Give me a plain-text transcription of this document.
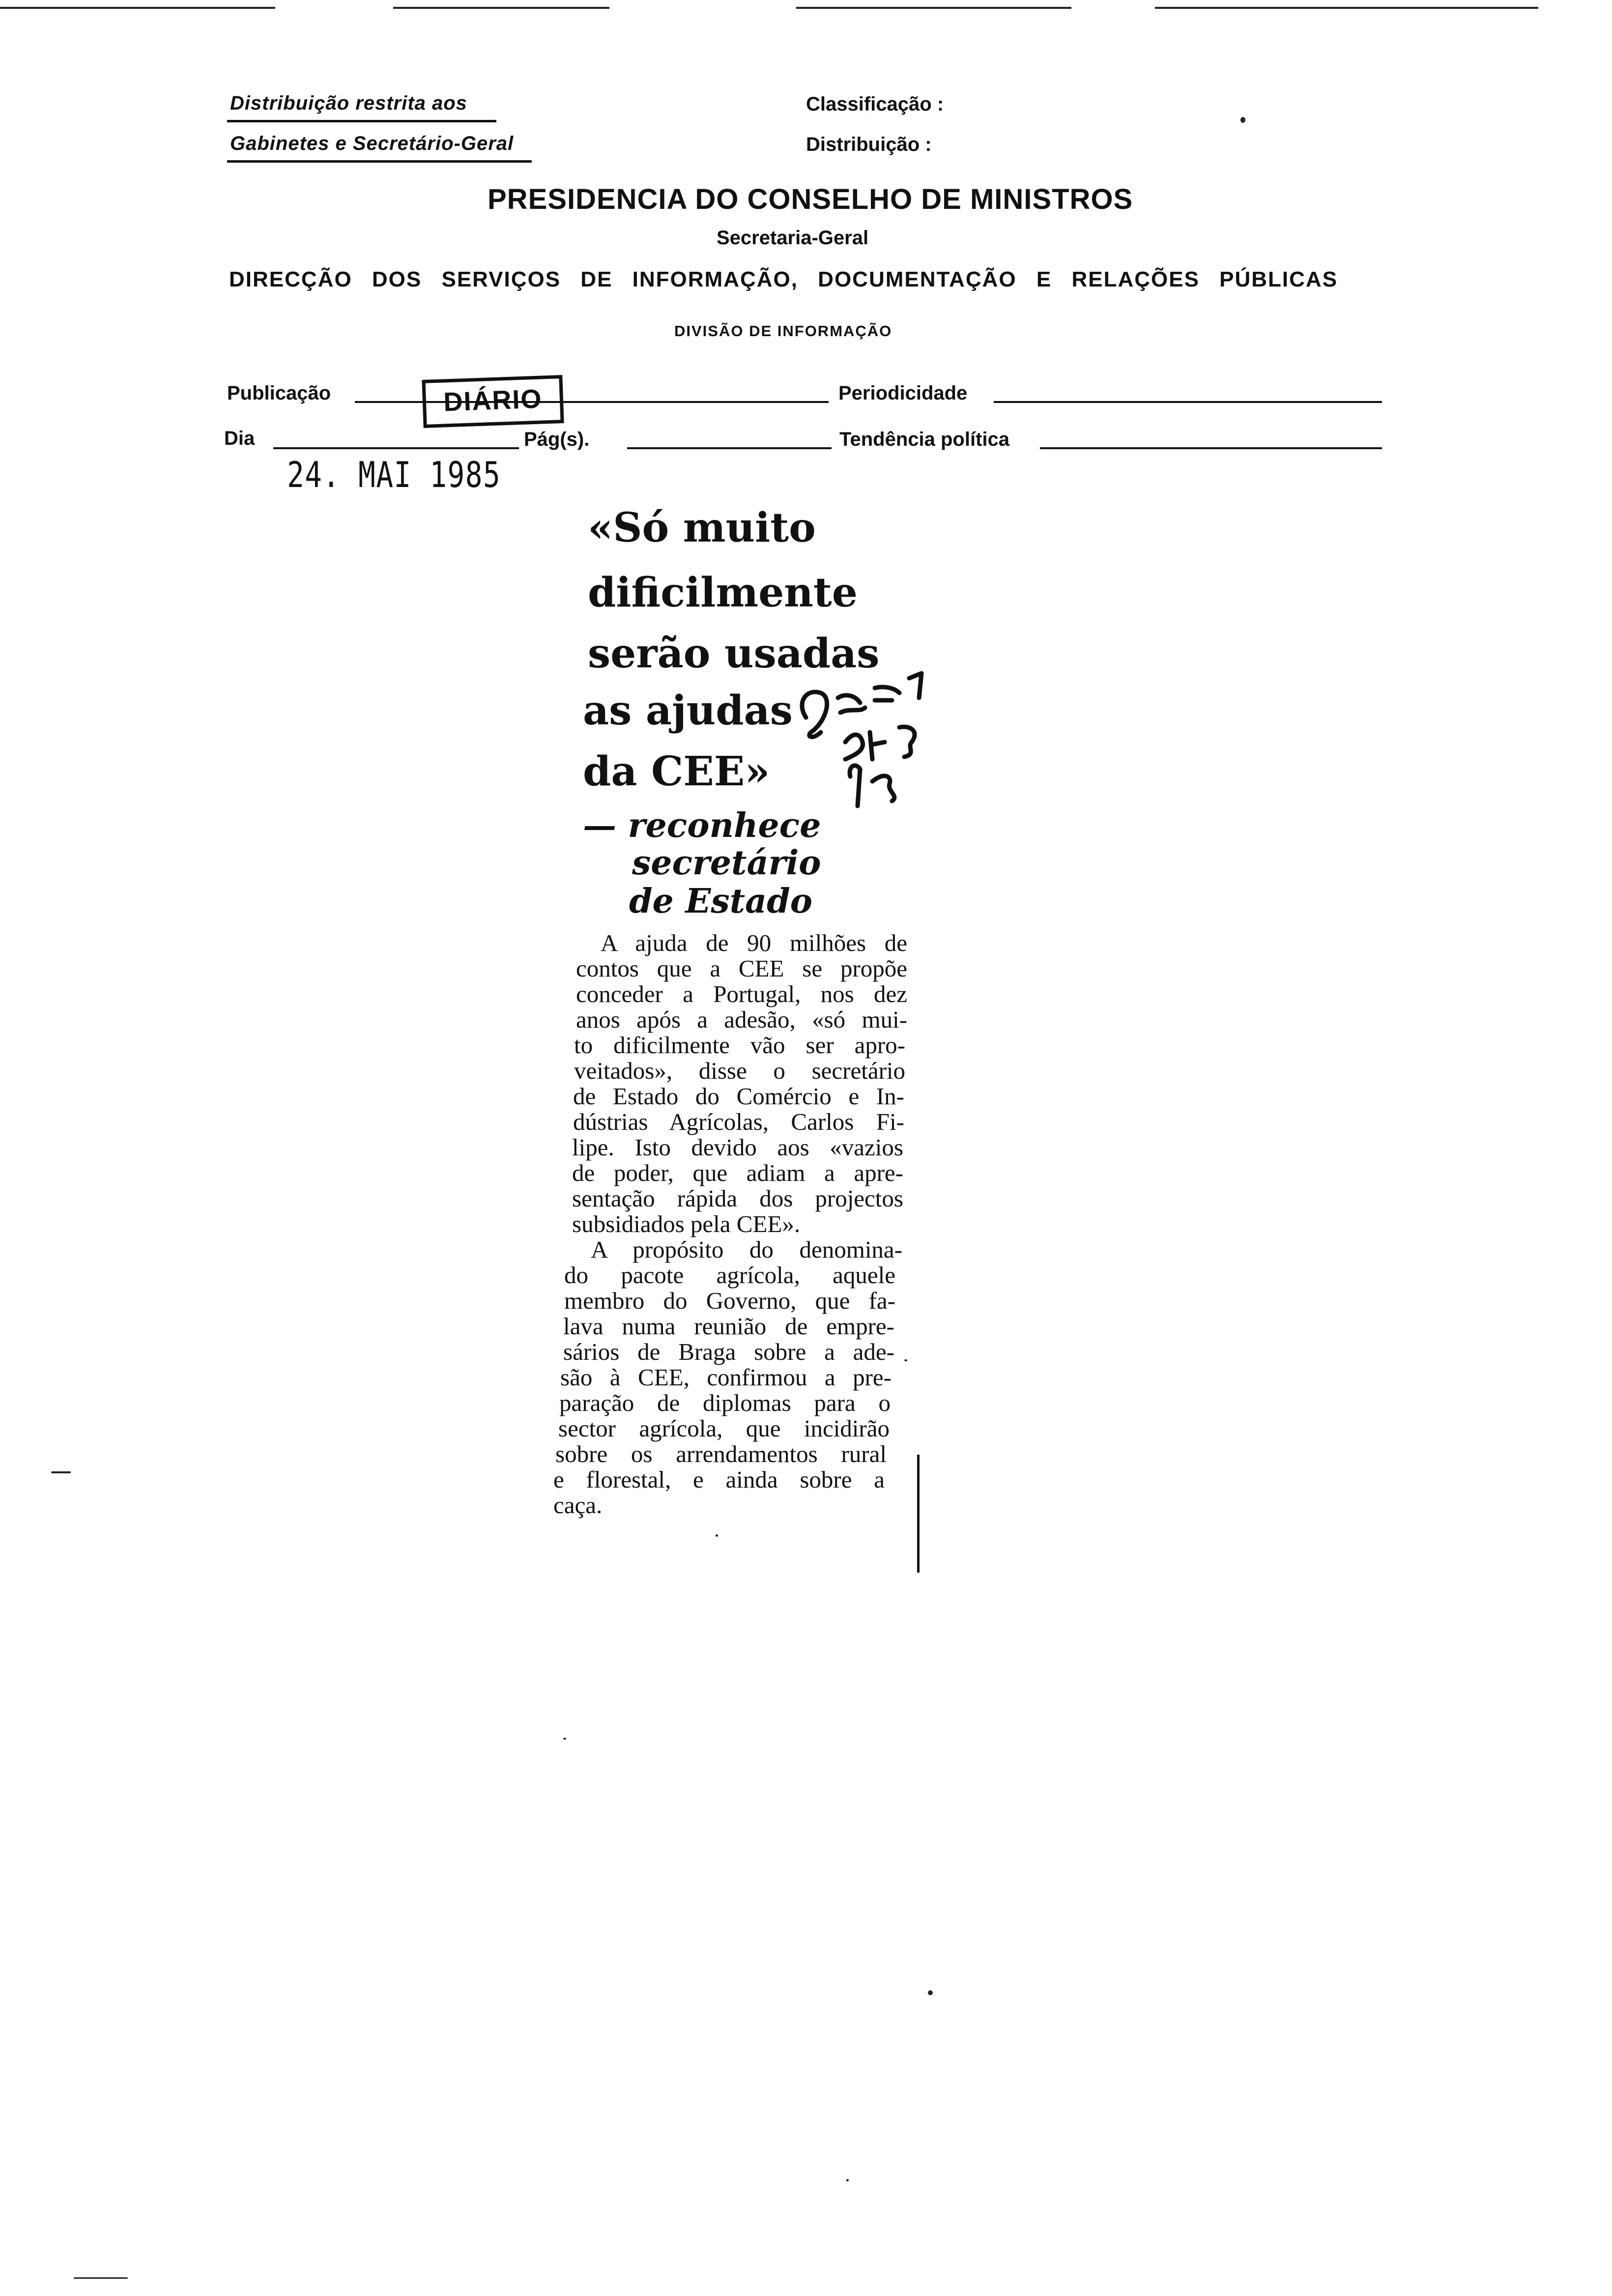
Distribuição restrita aos
Gabinetes e Secretário-Geral
Classificação :
Distribuição :
PRESIDENCIA DO CONSELHO DE MINISTROS
Secretaria-Geral
DIRECÇÃO DOS SERVIÇOS DE INFORMAÇÃO, DOCUMENTAÇÃO E RELAÇÕES PÚBLICAS
DIVISÃO DE INFORMAÇÃO
Publicação	DIÁRIO	Periodicidade
Dia	Pág(s).	Tendência política
24. MAI 1985
«Só muito
dificilmente
serão usadas
as ajudas
da CEE»
— reconhece
secretário
de Estado
A ajuda de 90 milhões de
contos que a CEE se propõe
conceder a Portugal, nos dez
anos após a adesão, «só mui-
to dificilmente vão ser apro-
veitados», disse o secretário
de Estado do Comércio e In-
dústrias Agrícolas, Carlos Fi-
lipe. Isto devido aos «vazios
de poder, que adiam a apre-
sentação rápida dos projectos
subsidiados pela CEE».
A propósito do denomina-
do pacote agrícola, aquele
membro do Governo, que fa-
lava numa reunião de empre-
sários de Braga sobre a ade-
são à CEE, confirmou a pre-
paração de diplomas para o
sector agrícola, que incidirão
sobre os arrendamentos rural
e florestal, e ainda sobre a
caça.
